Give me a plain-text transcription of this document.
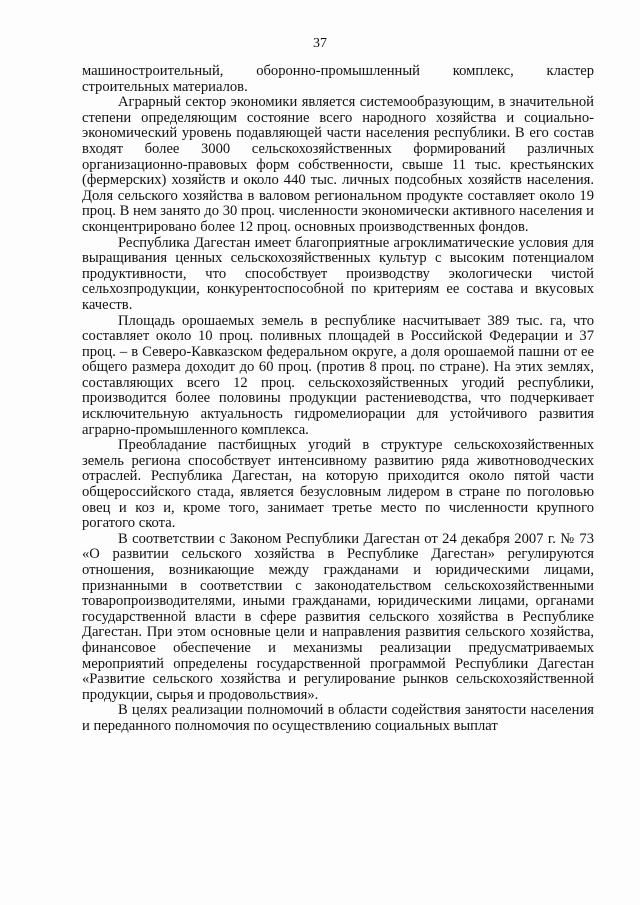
37

машиностроительный, оборонно-промышленный комплекс, кластер строительных материалов.

Аграрный сектор экономики является системообразующим, в значительной степени определяющим состояние всего народного хозяйства и социально-экономический уровень подавляющей части населения республики. В его состав входят более 3000 сельскохозяйственных формирований различных организационно-правовых форм собственности, свыше 11 тыс. крестьянских (фермерских) хозяйств и около 440 тыс. личных подсобных хозяйств населения. Доля сельского хозяйства в валовом региональном продукте составляет около 19 проц. В нем занято до 30 проц. численности экономически активного населения и сконцентрировано более 12 проц. основных производственных фондов.

Республика Дагестан имеет благоприятные агроклиматические условия для выращивания ценных сельскохозяйственных культур с высоким потенциалом продуктивности, что способствует производству экологически чистой сельхозпродукции, конкурентоспособной по критериям ее состава и вкусовых качеств.

Площадь орошаемых земель в республике насчитывает 389 тыс. га, что составляет около 10 проц. поливных площадей в Российской Федерации и 37 проц. – в Северо-Кавказском федеральном округе, а доля орошаемой пашни от ее общего размера доходит до 60 проц. (против 8 проц. по стране). На этих землях, составляющих всего 12 проц. сельскохозяйственных угодий республики, производится более половины продукции растениеводства, что подчеркивает исключительную актуальность гидромелиорации для устойчивого развития аграрно-промышленного комплекса.

Преобладание пастбищных угодий в структуре сельскохозяйственных земель региона способствует интенсивному развитию ряда животноводческих отраслей. Республика Дагестан, на которую приходится около пятой части общероссийского стада, является безусловным лидером в стране по поголовью овец и коз и, кроме того, занимает третье место по численности крупного рогатого скота.

В соответствии с Законом Республики Дагестан от 24 декабря 2007 г. № 73 «О развитии сельского хозяйства в Республике Дагестан» регулируются отношения, возникающие между гражданами и юридическими лицами, признанными в соответствии с законодательством сельскохозяйственными товаропроизводителями, иными гражданами, юридическими лицами, органами государственной власти в сфере развития сельского хозяйства в Республике Дагестан. При этом основные цели и направления развития сельского хозяйства, финансовое обеспечение и механизмы реализации предусматриваемых мероприятий определены государственной программой Республики Дагестан «Развитие сельского хозяйства и регулирование рынков сельскохозяйственной продукции, сырья и продовольствия».

В целях реализации полномочий в области содействия занятости населения и переданного полномочия по осуществлению социальных выплат
